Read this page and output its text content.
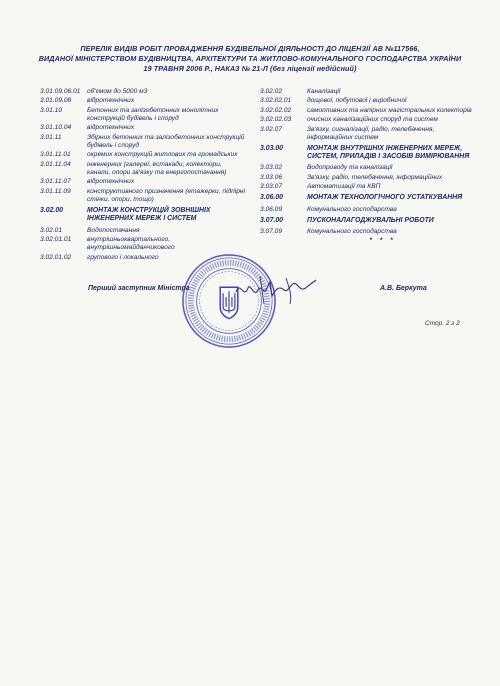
ПЕРЕЛІК ВИДІВ РОБІТ ПРОВАДЖЕННЯ БУДІВЕЛЬНОЇ ДІЯЛЬНОСТІ ДО ЛІЦЕНЗІЇ АВ №117566,
ВИДАНОЇ МІНІСТЕРСТВОМ БУДІВНИЦТВА, АРХІТЕКТУРИ ТА ЖИТЛОВО-КОМУНАЛЬНОГО ГОСПОДАРСТВА УКРАЇНИ
19 ТРАВНЯ 2006 Р., НАКАЗ № 21-Л (без ліцензії недійсний)
3.01.09.06.01	об'ємом до 5000 м3
3.01.09.08	відротехнічних
3.01.10	Бетонних та залізобетонних монолітних конструкцій будівель і споруд
3.01.10.04	відротехнічних
3.01.11	Збірних бетонних та залізобетонних конструкцій будівель і споруд
3.01.11.01	окремих конструкцій житлових та громадських
3.01.11.04	інженерних (галереї, естакади, колектори, канали, опори зв'язку та енергопостачання)
3.01.11.07	відротехнічних
3.01.11.09	конструктивного призначення (етажерки, підпірні стінки, опори, тощо)
3.02.00	МОНТАЖ КОНСТРУКЦІЙ ЗОВНІШНІХ ІНЖЕНЕРНИХ МЕРЕЖ І СИСТЕМ
3.02.01	Водопостачання
3.02.01.01	внутрішньоквартального, внутрішньомайданчикового
3.02.01.02	групового і локального
3.02.02	Каналізації
3.02.02.01	дощової, побутової і виробничої
3.02.02.02	самопливних та напірних магістральних колекторів
3.02.02.03	очисних каналізаційних споруд та систем
3.02.07	Зв'язку, сигналізації, радіо, телебачення, інформаційних систем
3.03.00	МОНТАЖ ВНУТРІШНІХ ІНЖЕНЕРНИХ МЕРЕЖ, СИСТЕМ, ПРИЛАДІВ І ЗАСОБІВ ВИМІРЮВАННЯ
3.03.02	Водопроводу та каналізації
3.03.06	Зв'язку, радіо, телебачення, інформаційних
3.03.07	Автоматизації та КВП
3.06.00	МОНТАЖ ТЕХНОЛОГІЧНОГО УСТАТКУВАННЯ
3.06.09	Комунального господарства
3.07.00	ПУСКОНАЛАГОДЖУВАЛЬНІ РОБОТИ
3.07.09	Комунального господарства
* * *
Перший заступник Міністра	А.В. Беркута
Стор. 2 з 2
